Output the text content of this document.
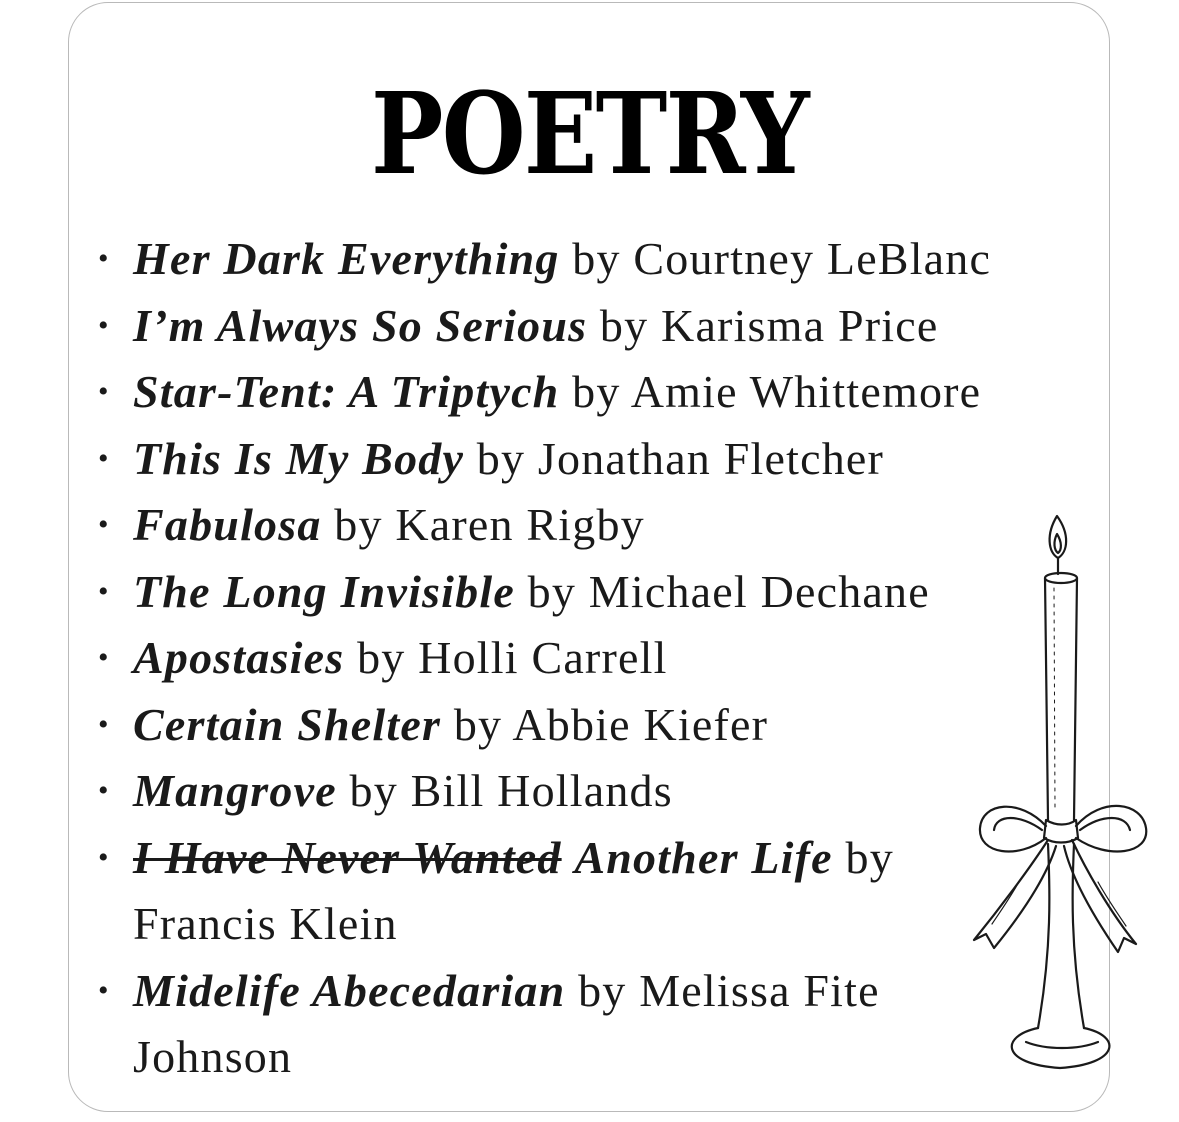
POETRY
• Her Dark Everything by Courtney LeBlanc
• I’m Always So Serious by Karisma Price
• Star-Tent: A Triptych by Amie Whittemore
• This Is My Body by Jonathan Fletcher
• Fabulosa by Karen Rigby
• The Long Invisible by Michael Dechane
• Apostasies by Holli Carrell
• Certain Shelter by Abbie Kiefer
• Mangrove by Bill Hollands
• I Have Never Wanted Another Life by Francis Klein
• Midelife Abecedarian by Melissa Fite Johnson
